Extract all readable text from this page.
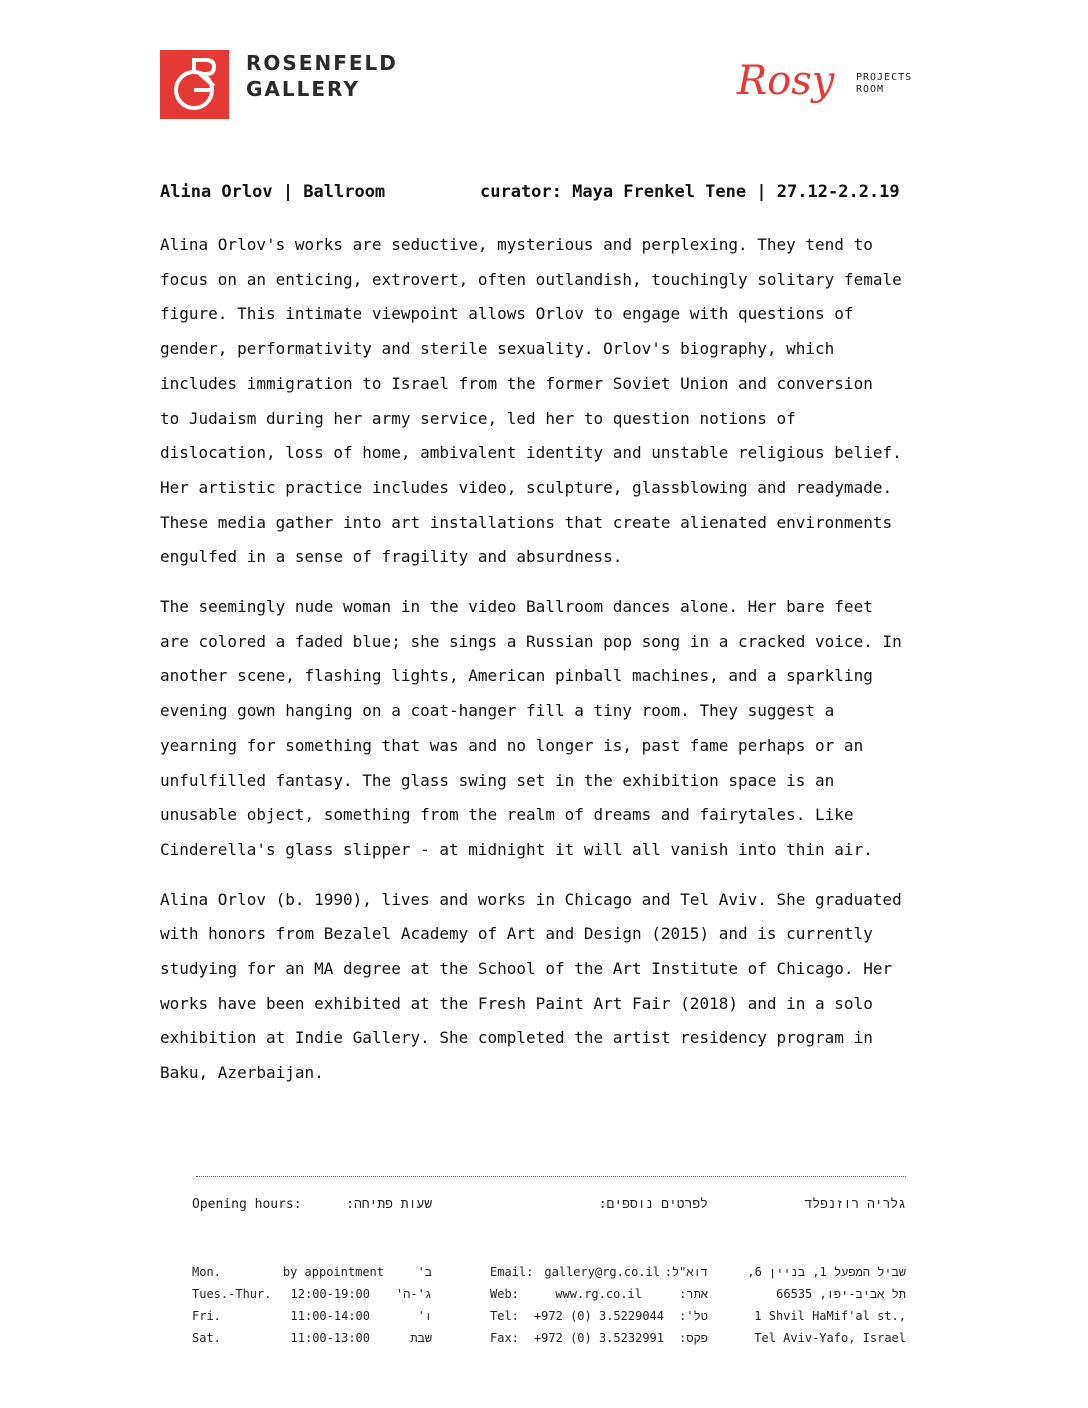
ROSENFELD
GALLERY	Rosy PROJECTS
ROOM
Alina Orlov | Ballroom	curator: Maya Frenkel Tene | 27.12-2.2.19

Alina Orlov's works are seductive, mysterious and perplexing. They tend to
focus on an enticing, extrovert, often outlandish, touchingly solitary female
figure. This intimate viewpoint allows Orlov to engage with questions of
gender, performativity and sterile sexuality. Orlov's biography, which
includes immigration to Israel from the former Soviet Union and conversion
to Judaism during her army service, led her to question notions of
dislocation, loss of home, ambivalent identity and unstable religious belief.
Her artistic practice includes video, sculpture, glassblowing and readymade.
These media gather into art installations that create alienated environments
engulfed in a sense of fragility and absurdness.

The seemingly nude woman in the video Ballroom dances alone. Her bare feet
are colored a faded blue; she sings a Russian pop song in a cracked voice. In
another scene, flashing lights, American pinball machines, and a sparkling
evening gown hanging on a coat-hanger fill a tiny room. They suggest a
yearning for something that was and no longer is, past fame perhaps or an
unfulfilled fantasy. The glass swing set in the exhibition space is an
unusable object, something from the realm of dreams and fairytales. Like
Cinderella's glass slipper - at midnight it will all vanish into thin air.

Alina Orlov (b. 1990), lives and works in Chicago and Tel Aviv. She graduated
with honors from Bezalel Academy of Art and Design (2015) and is currently
studying for an MA degree at the School of the Art Institute of Chicago. Her
works have been exhibited at the Fresh Paint Art Fair (2018) and in a solo
exhibition at Indie Gallery. She completed the artist residency program in
Baku, Azerbaijan.

Opening hours:	שעות פתיחה:	לפרטים נוספים:	גלריה רוזנפלד
Mon.	by appointment	ב'
Tues.-Thur.	12:00-19:00 ג'-ה'
Fri.	11:00-14:00	ו'
Sat.	11:00-13:00	שבת
Email: gallery@rg.co.il דוא"ל:
Web:	www.rg.co.il	אתר:
Tel:	+972 (0) 3.5229044	טל':
Fax:	+972 (0) 3.5232991	פקס:
שביל המפעל 1, בניין 6,
תל אביב-יפו, 66535
1 Shvil HaMif'al st.,
Tel Aviv-Yafo, Israel
